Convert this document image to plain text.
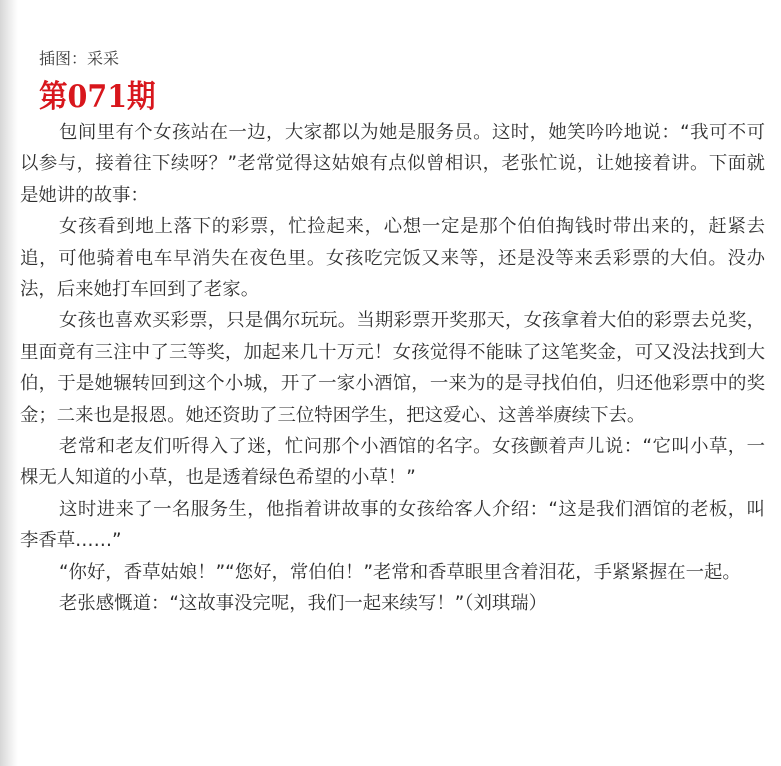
插图：采采
第071期

包间里有个女孩站在一边，大家都以为她是服务员。这时，她笑吟吟地说：“我可不可以参与，接着往下续呀？”老常觉得这姑娘有点似曾相识，老张忙说，让她接着讲。下面就是她讲的故事：

女孩看到地上落下的彩票，忙捡起来，心想一定是那个伯伯掏钱时带出来的，赶紧去追，可他骑着电车早消失在夜色里。女孩吃完饭又来等，还是没等来丢彩票的大伯。没办法，后来她打车回到了老家。

女孩也喜欢买彩票，只是偶尔玩玩。当期彩票开奖那天，女孩拿着大伯的彩票去兑奖，里面竟有三注中了三等奖，加起来几十万元！女孩觉得不能昧了这笔奖金，可又没法找到大伯，于是她辗转回到这个小城，开了一家小酒馆，一来为的是寻找伯伯，归还他彩票中的奖金；二来也是报恩。她还资助了三位特困学生，把这爱心、这善举赓续下去。

老常和老友们听得入了迷，忙问那个小酒馆的名字。女孩颤着声儿说：“它叫小草，一棵无人知道的小草，也是透着绿色希望的小草！”

这时进来了一名服务生，他指着讲故事的女孩给客人介绍：“这是我们酒馆的老板，叫李香草……”

“你好，香草姑娘！”“您好，常伯伯！”老常和香草眼里含着泪花，手紧紧握在一起。

老张感慨道：“这故事没完呢，我们一起来续写！”（刘琪瑞）
